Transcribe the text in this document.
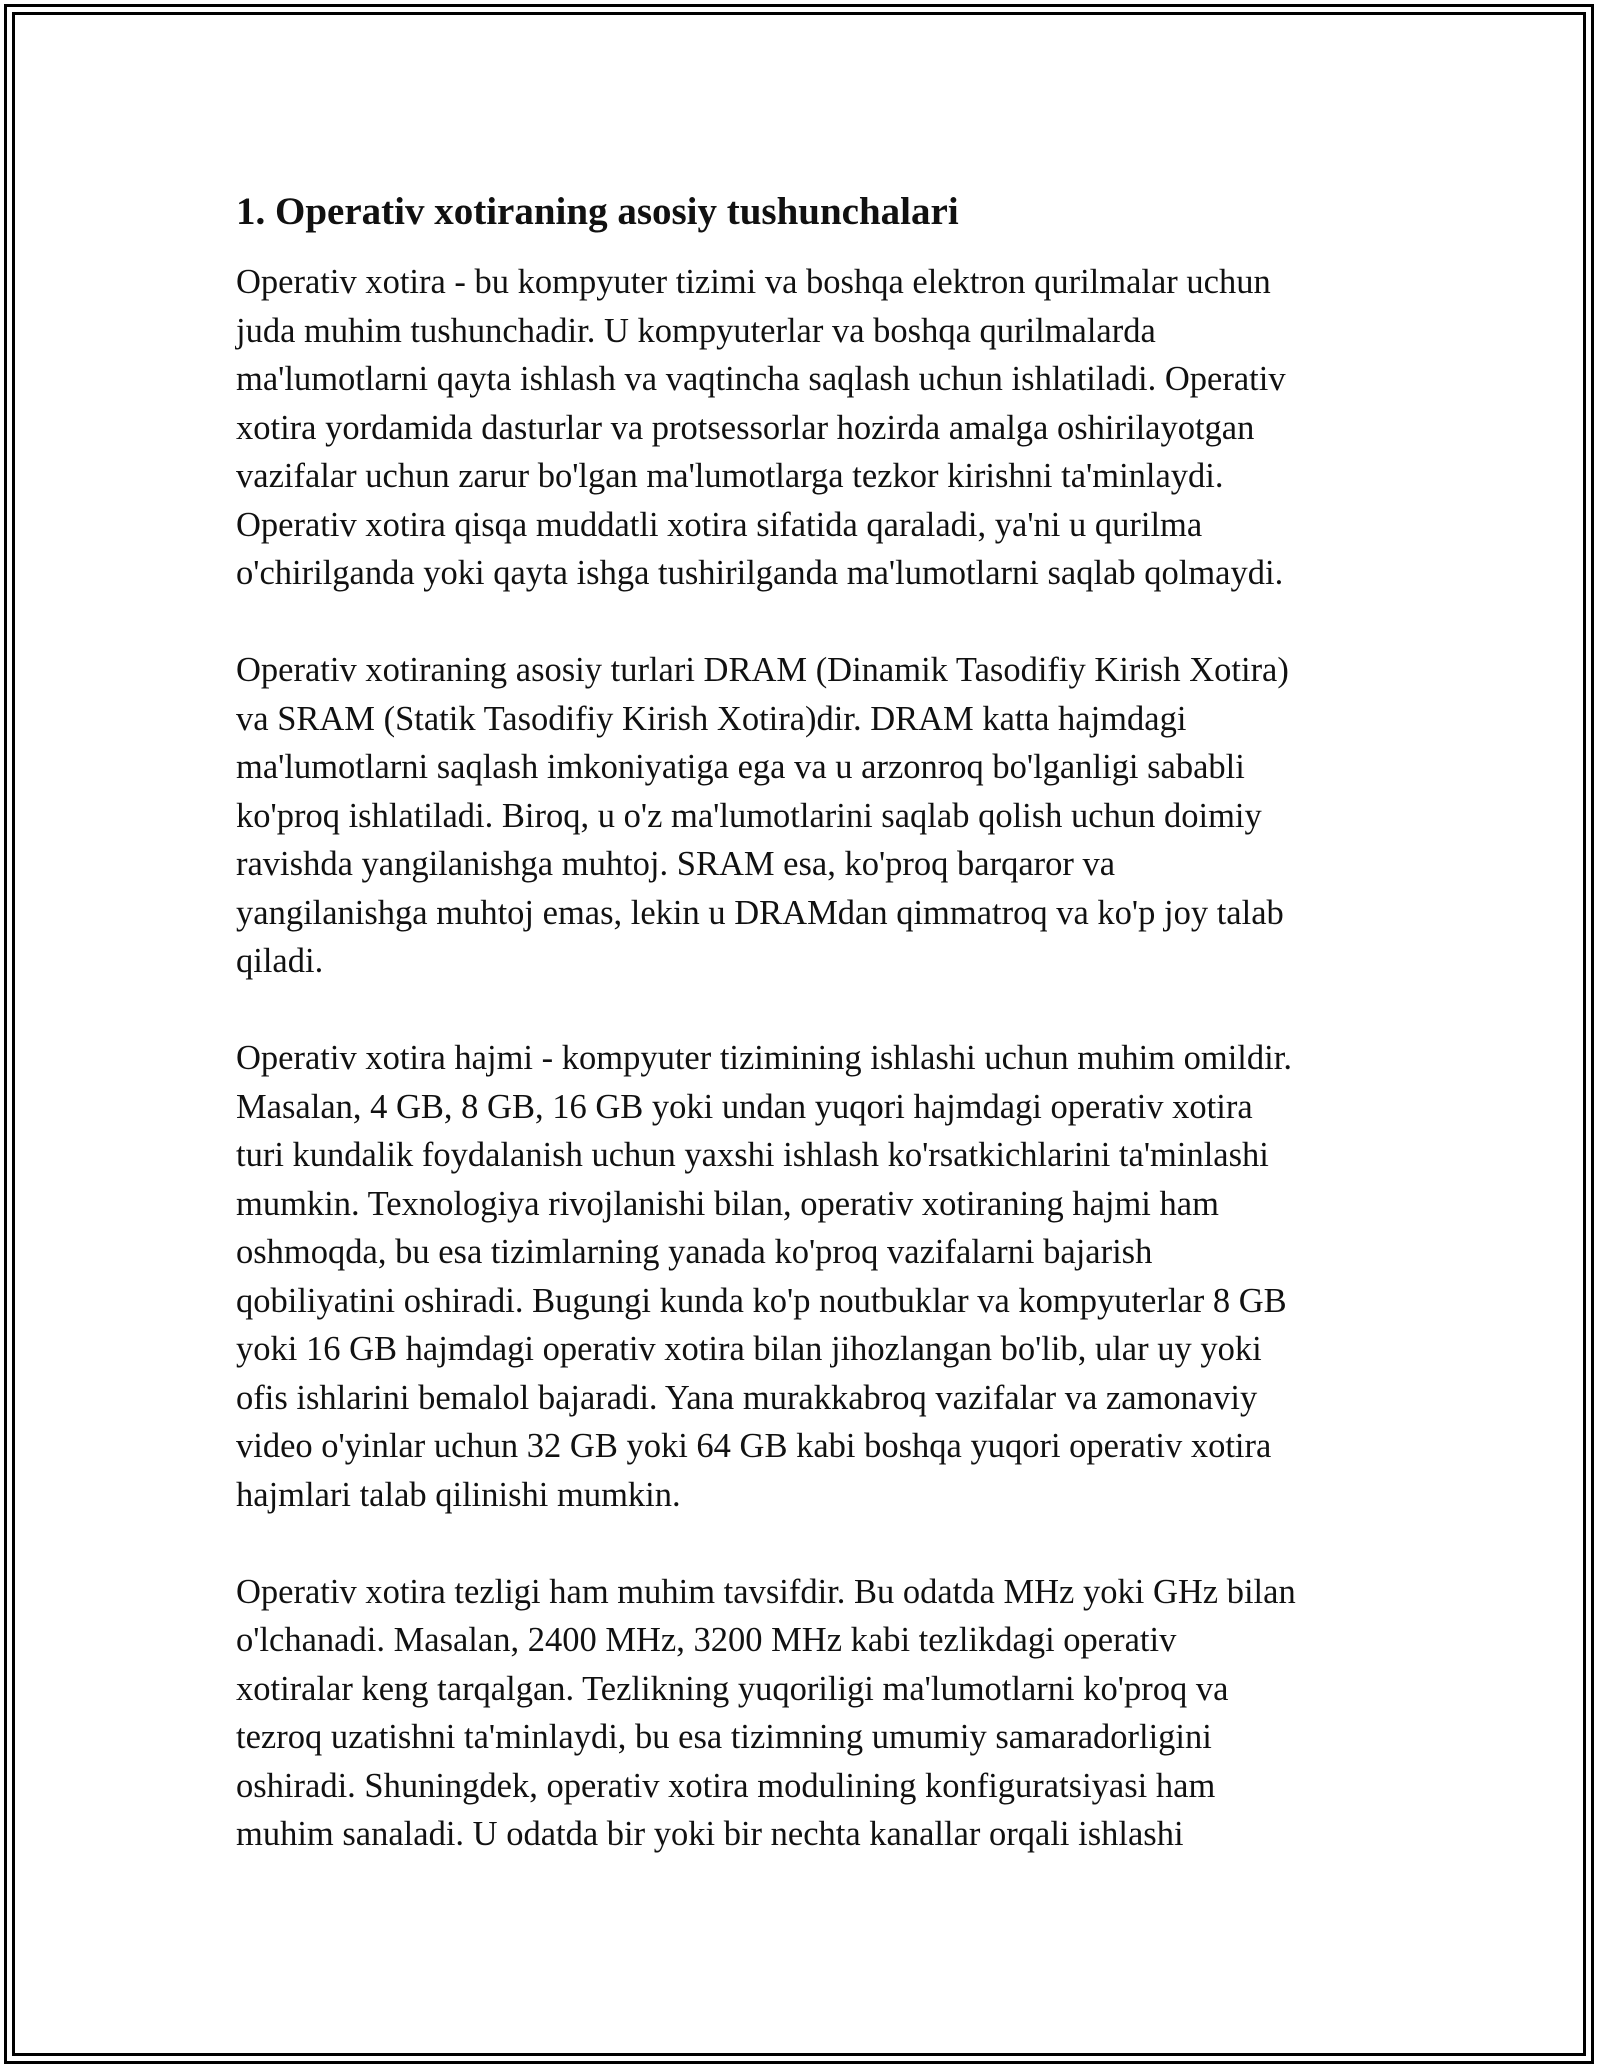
1. Operativ xotiraning asosiy tushunchalari
Operativ xotira - bu kompyuter tizimi va boshqa elektron qurilmalar uchun
juda muhim tushunchadir. U kompyuterlar va boshqa qurilmalarda
ma'lumotlarni qayta ishlash va vaqtincha saqlash uchun ishlatiladi. Operativ
xotira yordamida dasturlar va protsessorlar hozirda amalga oshirilayotgan
vazifalar uchun zarur bo'lgan ma'lumotlarga tezkor kirishni ta'minlaydi.
Operativ xotira qisqa muddatli xotira sifatida qaraladi, ya'ni u qurilma
o'chirilganda yoki qayta ishga tushirilganda ma'lumotlarni saqlab qolmaydi.
Operativ xotiraning asosiy turlari DRAM (Dinamik Tasodifiy Kirish Xotira)
va SRAM (Statik Tasodifiy Kirish Xotira)dir. DRAM katta hajmdagi
ma'lumotlarni saqlash imkoniyatiga ega va u arzonroq bo'lganligi sababli
ko'proq ishlatiladi. Biroq, u o'z ma'lumotlarini saqlab qolish uchun doimiy
ravishda yangilanishga muhtoj. SRAM esa, ko'proq barqaror va
yangilanishga muhtoj emas, lekin u DRAMdan qimmatroq va ko'p joy talab
qiladi.
Operativ xotira hajmi - kompyuter tizimining ishlashi uchun muhim omildir.
Masalan, 4 GB, 8 GB, 16 GB yoki undan yuqori hajmdagi operativ xotira
turi kundalik foydalanish uchun yaxshi ishlash ko'rsatkichlarini ta'minlashi
mumkin. Texnologiya rivojlanishi bilan, operativ xotiraning hajmi ham
oshmoqda, bu esa tizimlarning yanada ko'proq vazifalarni bajarish
qobiliyatini oshiradi. Bugungi kunda ko'p noutbuklar va kompyuterlar 8 GB
yoki 16 GB hajmdagi operativ xotira bilan jihozlangan bo'lib, ular uy yoki
ofis ishlarini bemalol bajaradi. Yana murakkabroq vazifalar va zamonaviy
video o'yinlar uchun 32 GB yoki 64 GB kabi boshqa yuqori operativ xotira
hajmlari talab qilinishi mumkin.
Operativ xotira tezligi ham muhim tavsifdir. Bu odatda MHz yoki GHz bilan
o'lchanadi. Masalan, 2400 MHz, 3200 MHz kabi tezlikdagi operativ
xotiralar keng tarqalgan. Tezlikning yuqoriligi ma'lumotlarni ko'proq va
tezroq uzatishni ta'minlaydi, bu esa tizimning umumiy samaradorligini
oshiradi. Shuningdek, operativ xotira modulining konfiguratsiyasi ham
muhim sanaladi. U odatda bir yoki bir nechta kanallar orqali ishlashi
